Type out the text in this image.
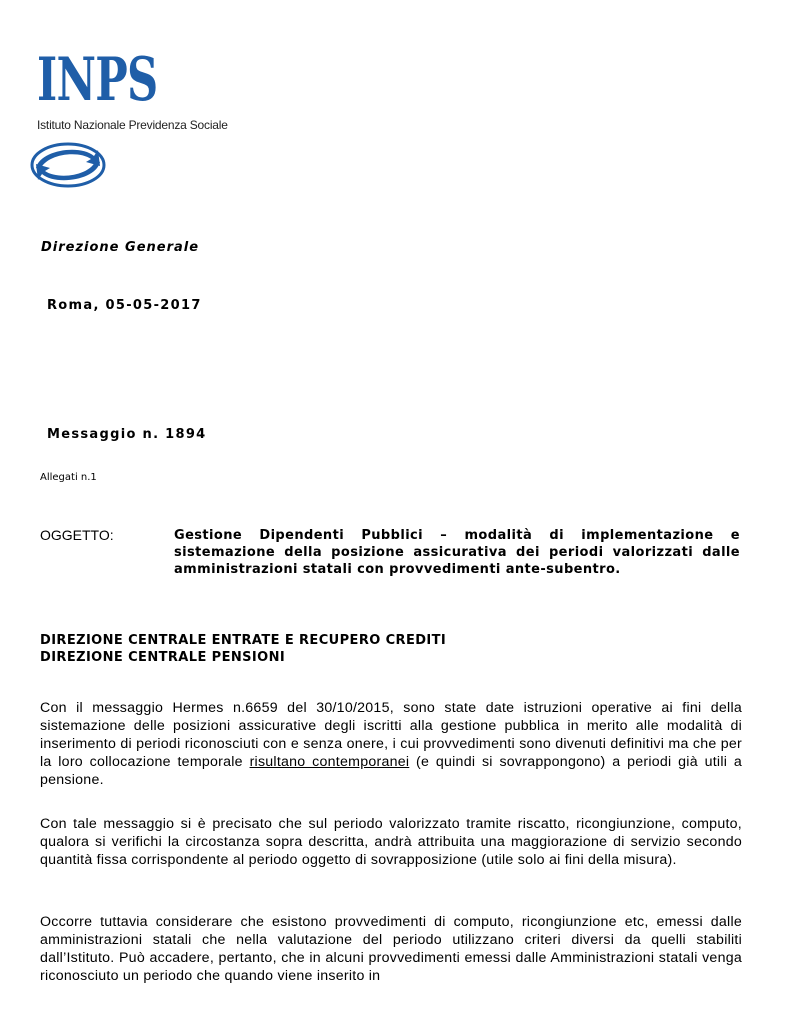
INPS
Istituto Nazionale Previdenza Sociale
Direzione Generale
Roma, 05-05-2017
Messaggio n. 1894
Allegati n.1
OGGETTO:	Gestione Dipendenti Pubblici – modalità di implementazione e sistemazione della posizione assicurativa dei periodi valorizzati dalle amministrazioni statali con provvedimenti ante-subentro.
DIREZIONE CENTRALE ENTRATE E RECUPERO CREDITI
DIREZIONE CENTRALE PENSIONI
Con il messaggio Hermes n.6659 del 30/10/2015, sono state date istruzioni operative ai fini della sistemazione delle posizioni assicurative degli iscritti alla gestione pubblica in merito alle modalità di inserimento di periodi riconosciuti con e senza onere, i cui provvedimenti sono divenuti definitivi ma che per la loro collocazione temporale risultano contemporanei (e quindi si sovrappongono) a periodi già utili a pensione.
Con tale messaggio si è precisato che sul periodo valorizzato tramite riscatto, ricongiunzione, computo, qualora si verifichi la circostanza sopra descritta, andrà attribuita una maggiorazione di servizio secondo quantità fissa corrispondente al periodo oggetto di sovrapposizione (utile solo ai fini della misura).
Occorre tuttavia considerare che esistono provvedimenti di computo, ricongiunzione etc, emessi dalle amministrazioni statali che nella valutazione del periodo utilizzano criteri diversi da quelli stabiliti dall’Istituto. Può accadere, pertanto, che in alcuni provvedimenti emessi dalle Amministrazioni statali venga riconosciuto un periodo che quando viene inserito in
